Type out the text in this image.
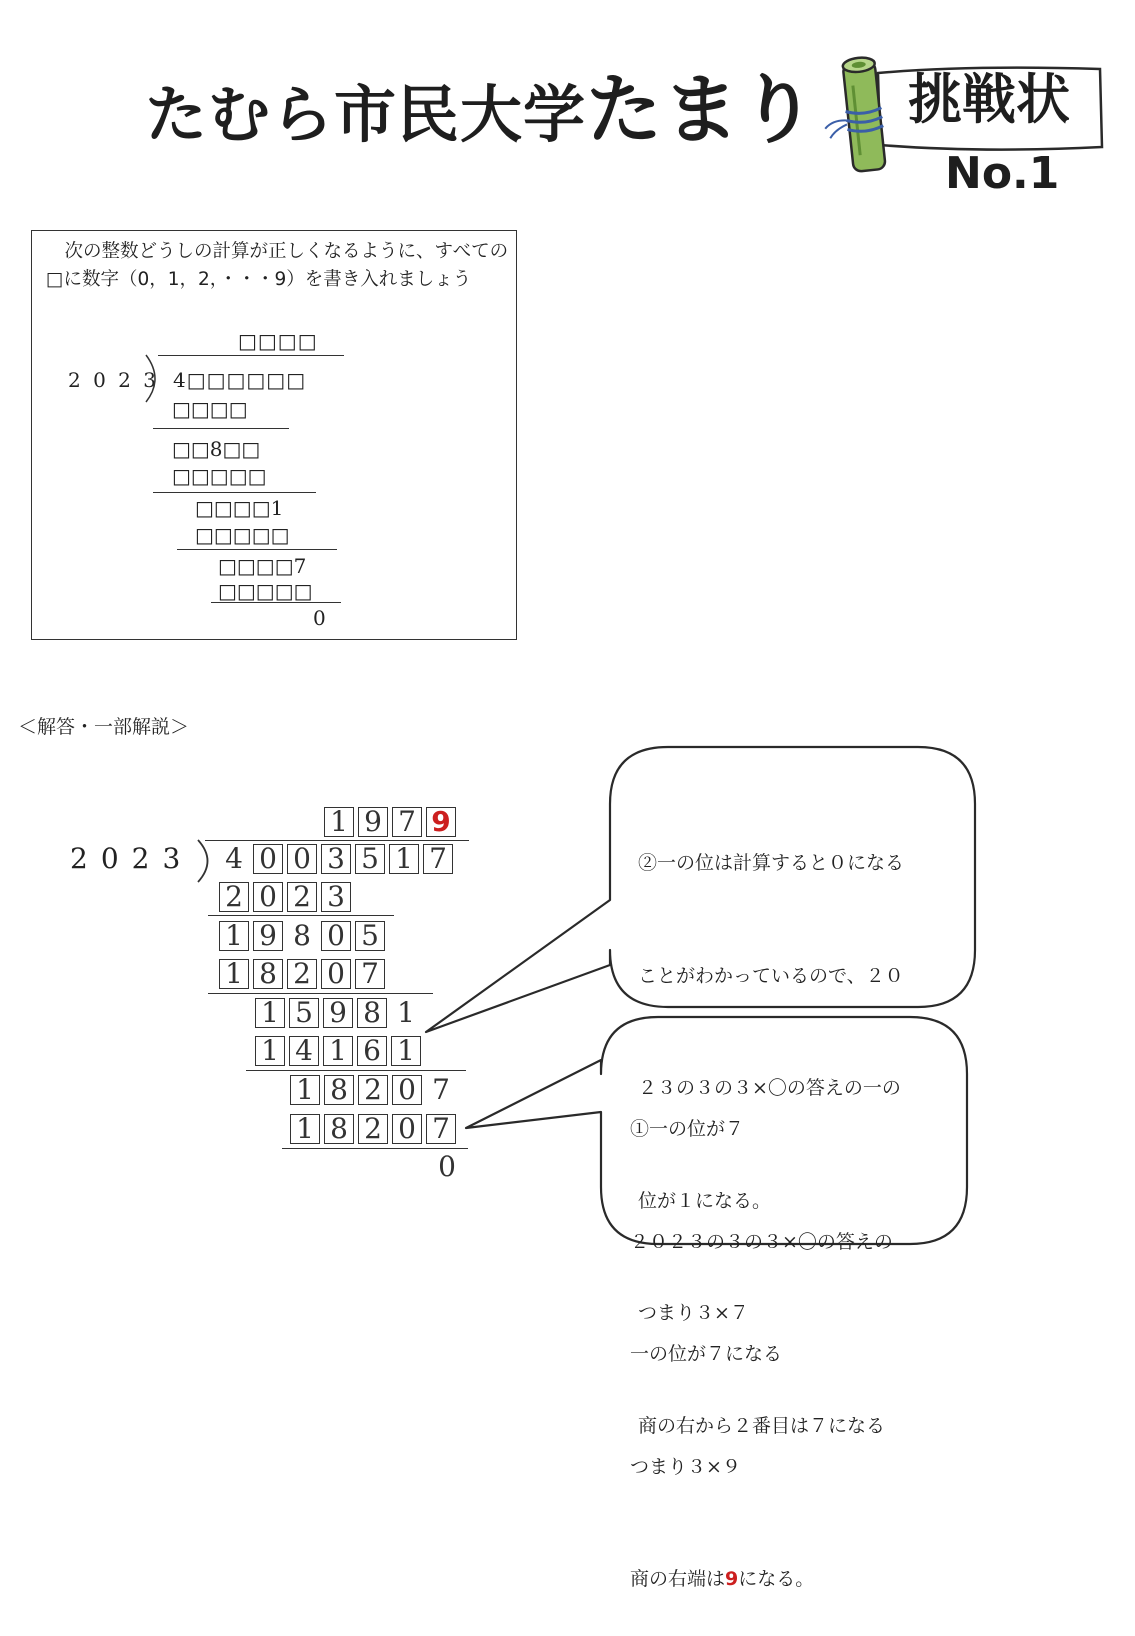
たむら市民大学たまり	挑戦状
No.1

次の整数どうしの計算が正しくなるように、すべての□に数字（0，1，2，・・・9）を書き入れましょう

□□□□
2 0 2 3 4□□□□□□
□□□□
□□8□□
□□□□□
□□□□1
□□□□□
□□□□7
□□□□□
0
＜解答・一部解説＞
1 9 7 9
2023 4 0 0 3 5 1 7
2 0 2 3
1 9 8 0 5
1 8 2 0 7
1 5 9 8 1
1 4 1 6 1
1 8 2 0 7
1 8 2 0 7
0

②一の位は計算すると０になる

ことがわかっているので、２０

２３の３の３×〇の答えの一の

位が１になる。

つまり３×７

商の右から２番目は７になる

①一の位が７

２０２３の３の３×〇の答えの

一の位が７になる

つまり３×９

商の右端は9になる。
